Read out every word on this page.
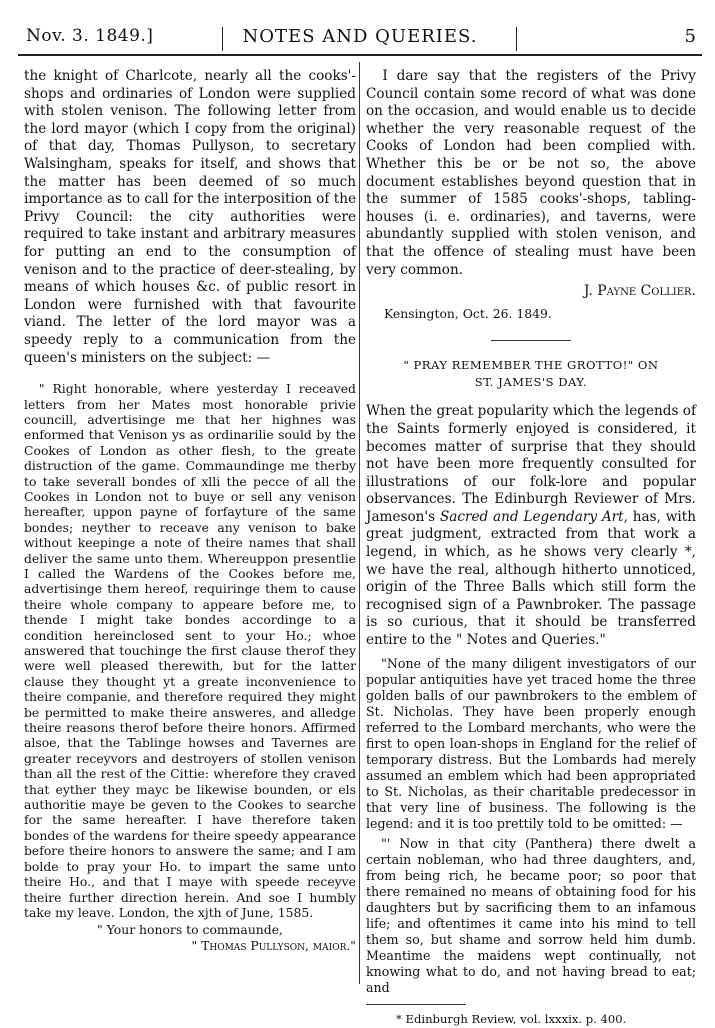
Nov. 3. 1849.]	NOTES AND QUERIES.	5

the knight of Charlcote, nearly all the cooks'-shops and ordinaries of London were supplied with stolen venison. The following letter from the lord mayor (which I copy from the original) of that day, Thomas Pullyson, to secretary Walsingham, speaks for itself, and shows that the matter has been deemed of so much importance as to call for the interposition of the Privy Council: the city authorities were required to take instant and arbitrary measures for putting an end to the consumption of venison and to the practice of deer-stealing, by means of which houses &c. of public resort in London were furnished with that favourite viand. The letter of the lord mayor was a speedy reply to a communication from the queen's ministers on the subject: —

" Right honorable, where yesterday I receaved letters from her Mates most honorable privie councill, advertisinge me that her highnes was enformed that Venison ys as ordinarilie sould by the Cookes of London as other flesh, to the greate distruction of the game. Commaundinge me therby to take severall bondes of xlli the pecce of all the Cookes in London not to buye or sell any venison hereafter, uppon payne of forfayture of the same bondes; neyther to receave any venison to bake without keepinge a note of theire names that shall deliver the same unto them. Whereuppon presentlie I called the Wardens of the Cookes before me, advertisinge them hereof, requiringe them to cause theire whole company to appeare before me, to thende I might take bondes accordinge to a condition hereinclosed sent to your Ho.; whoe answered that touchinge the first clause therof they were well pleased therewith, but for the latter clause they thought yt a greate inconvenience to theire companie, and therefore required they might be permitted to make theire answeres, and alledge theire reasons therof before theire honors. Affirmed alsoe, that the Tablinge howses and Tavernes are greater receyvors and destroyers of stollen venison than all the rest of the Cittie: wherefore they craved that eyther they mayc be likewise bounden, or els authoritie maye be geven to the Cookes to searche for the same hereafter. I have therefore taken bondes of the wardens for theire speedy appearance before theire honors to answere the same; and I am bolde to pray your Ho. to impart the same unto theire Ho., and that I maye with speede receyve theire further direction herein. And soe I humbly take my leave. London, the xjth of June, 1585.

" Your honors to commaunde,

" Thomas Pullyson, maior."

I dare say that the registers of the Privy Council contain some record of what was done on the occasion, and would enable us to decide whether the very reasonable request of the Cooks of London had been complied with. Whether this be or be not so, the above document establishes beyond question that in the summer of 1585 cooks'-shops, tabling-houses (i. e. ordinaries), and taverns, were abundantly supplied with stolen venison, and that the offence of stealing must have been very common.

J. Payne Collier.

Kensington, Oct. 26. 1849.

" PRAY REMEMBER THE GROTTO!" ON
ST. JAMES'S DAY.

When the great popularity which the legends of the Saints formerly enjoyed is considered, it becomes matter of surprise that they should not have been more frequently consulted for illustrations of our folk-lore and popular observances. The Edinburgh Reviewer of Mrs. Jameson's Sacred and Legendary Art, has, with great judgment, extracted from that work a legend, in which, as he shows very clearly *, we have the real, although hitherto unnoticed, origin of the Three Balls which still form the recognised sign of a Pawnbroker. The passage is so curious, that it should be transferred entire to the " Notes and Queries."

"None of the many diligent investigators of our popular antiquities have yet traced home the three golden balls of our pawnbrokers to the emblem of St. Nicholas. They have been properly enough referred to the Lombard merchants, who were the first to open loan-shops in England for the relief of temporary distress. But the Lombards had merely assumed an emblem which had been appropriated to St. Nicholas, as their charitable predecessor in that very line of business. The following is the legend: and it is too prettily told to be omitted: —

"' Now in that city (Panthera) there dwelt a certain nobleman, who had three daughters, and, from being rich, he became poor; so poor that there remained no means of obtaining food for his daughters but by sacrificing them to an infamous life; and oftentimes it came into his mind to tell them so, but shame and sorrow held him dumb. Meantime the maidens wept continually, not knowing what to do, and not having bread to eat; and

* Edinburgh Review, vol. lxxxix. p. 400.
